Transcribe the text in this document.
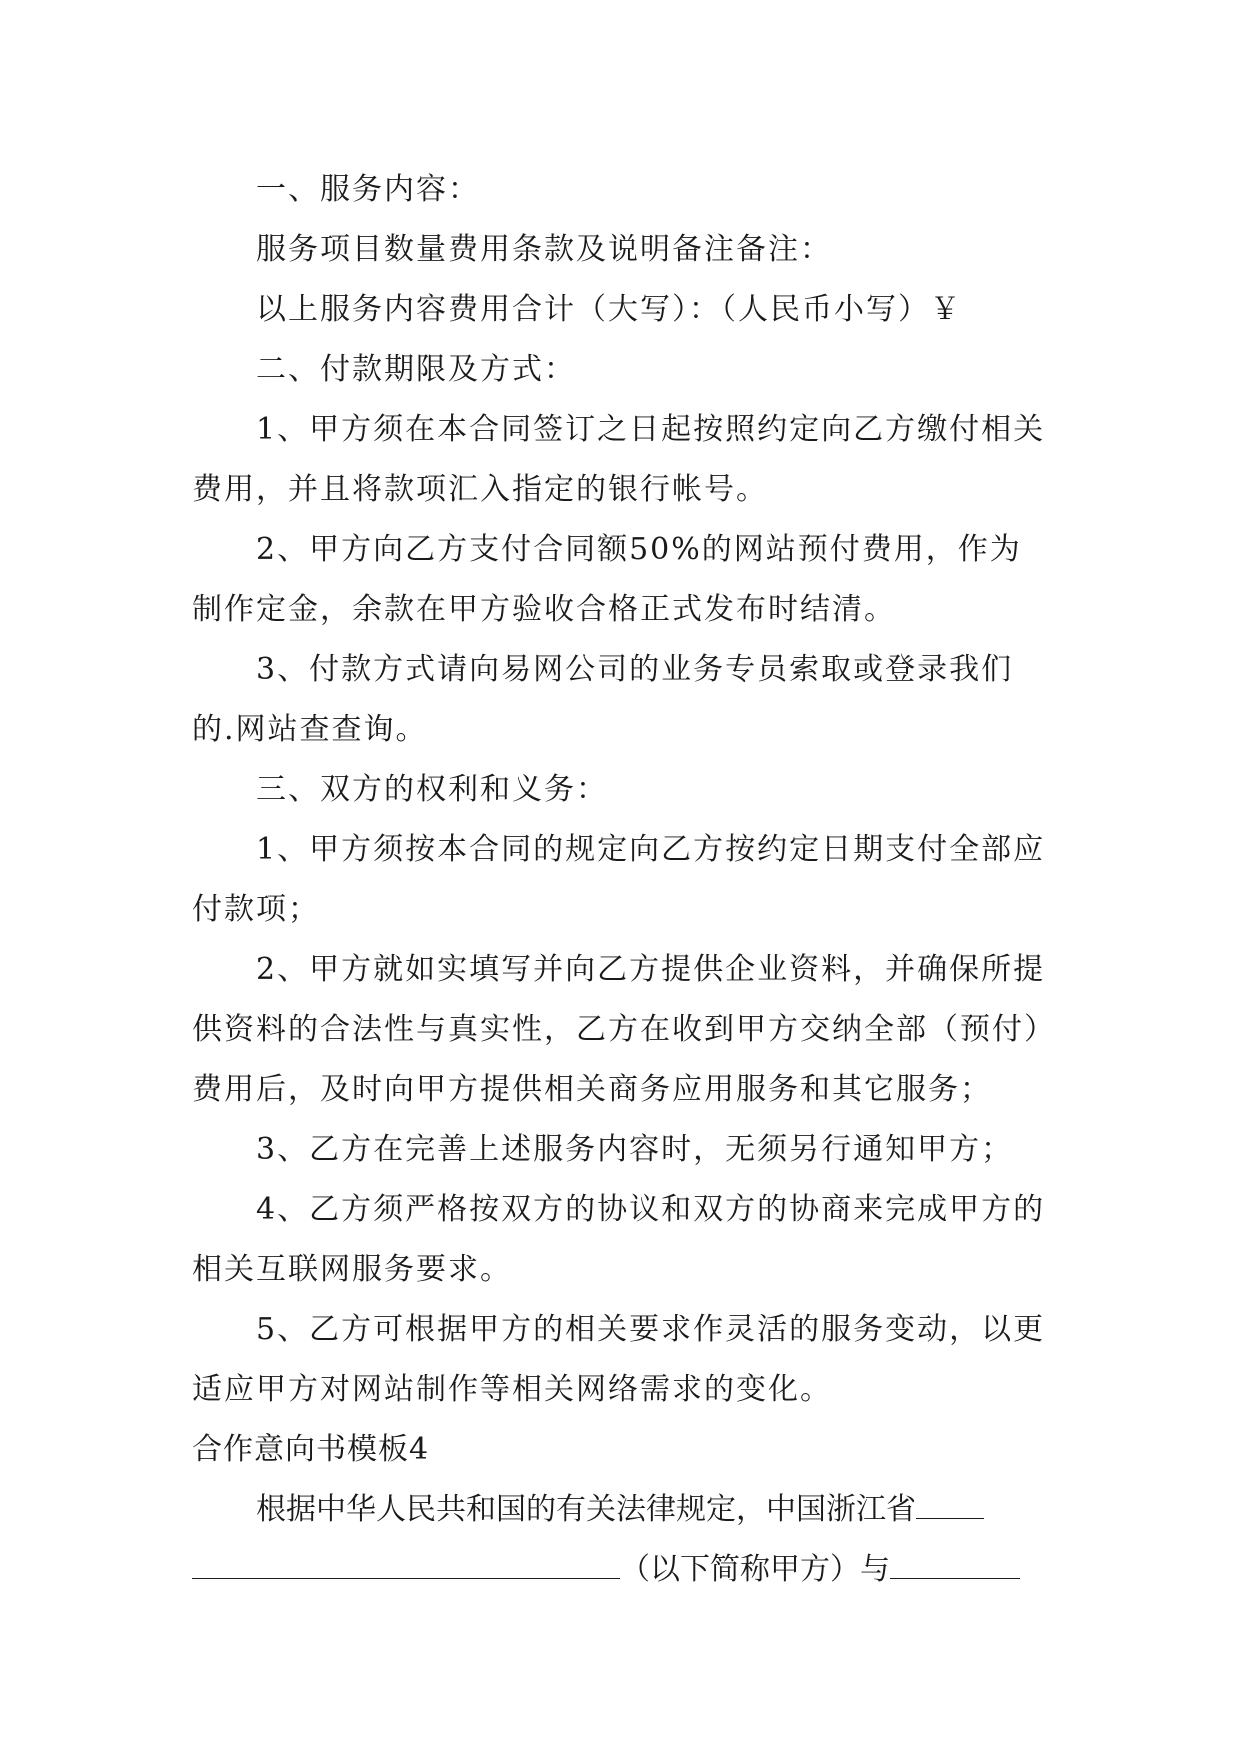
一、服务内容：

服务项目数量费用条款及说明备注备注：

以上服务内容费用合计（大写）：（人民币小写）￥

二、付款期限及方式：

1、甲方须在本合同签订之日起按照约定向乙方缴付相关费用，并且将款项汇入指定的银行帐号。

2、甲方向乙方支付合同额50%的网站预付费用，作为制作定金，余款在甲方验收合格正式发布时结清。

3、付款方式请向易网公司的业务专员索取或登录我们的.网站查查询。

三、双方的权利和义务：

1、甲方须按本合同的规定向乙方按约定日期支付全部应付款项；

2、甲方就如实填写并向乙方提供企业资料，并确保所提供资料的合法性与真实性，乙方在收到甲方交纳全部（预付）费用后，及时向甲方提供相关商务应用服务和其它服务；

3、乙方在完善上述服务内容时，无须另行通知甲方；

4、乙方须严格按双方的协议和双方的协商来完成甲方的相关互联网服务要求。

5、乙方可根据甲方的相关要求作灵活的服务变动，以更适应甲方对网站制作等相关网络需求的变化。

合作意向书模板4

根据中华人民共和国的有关法律规定，中国浙江省（以下简称甲方）与
